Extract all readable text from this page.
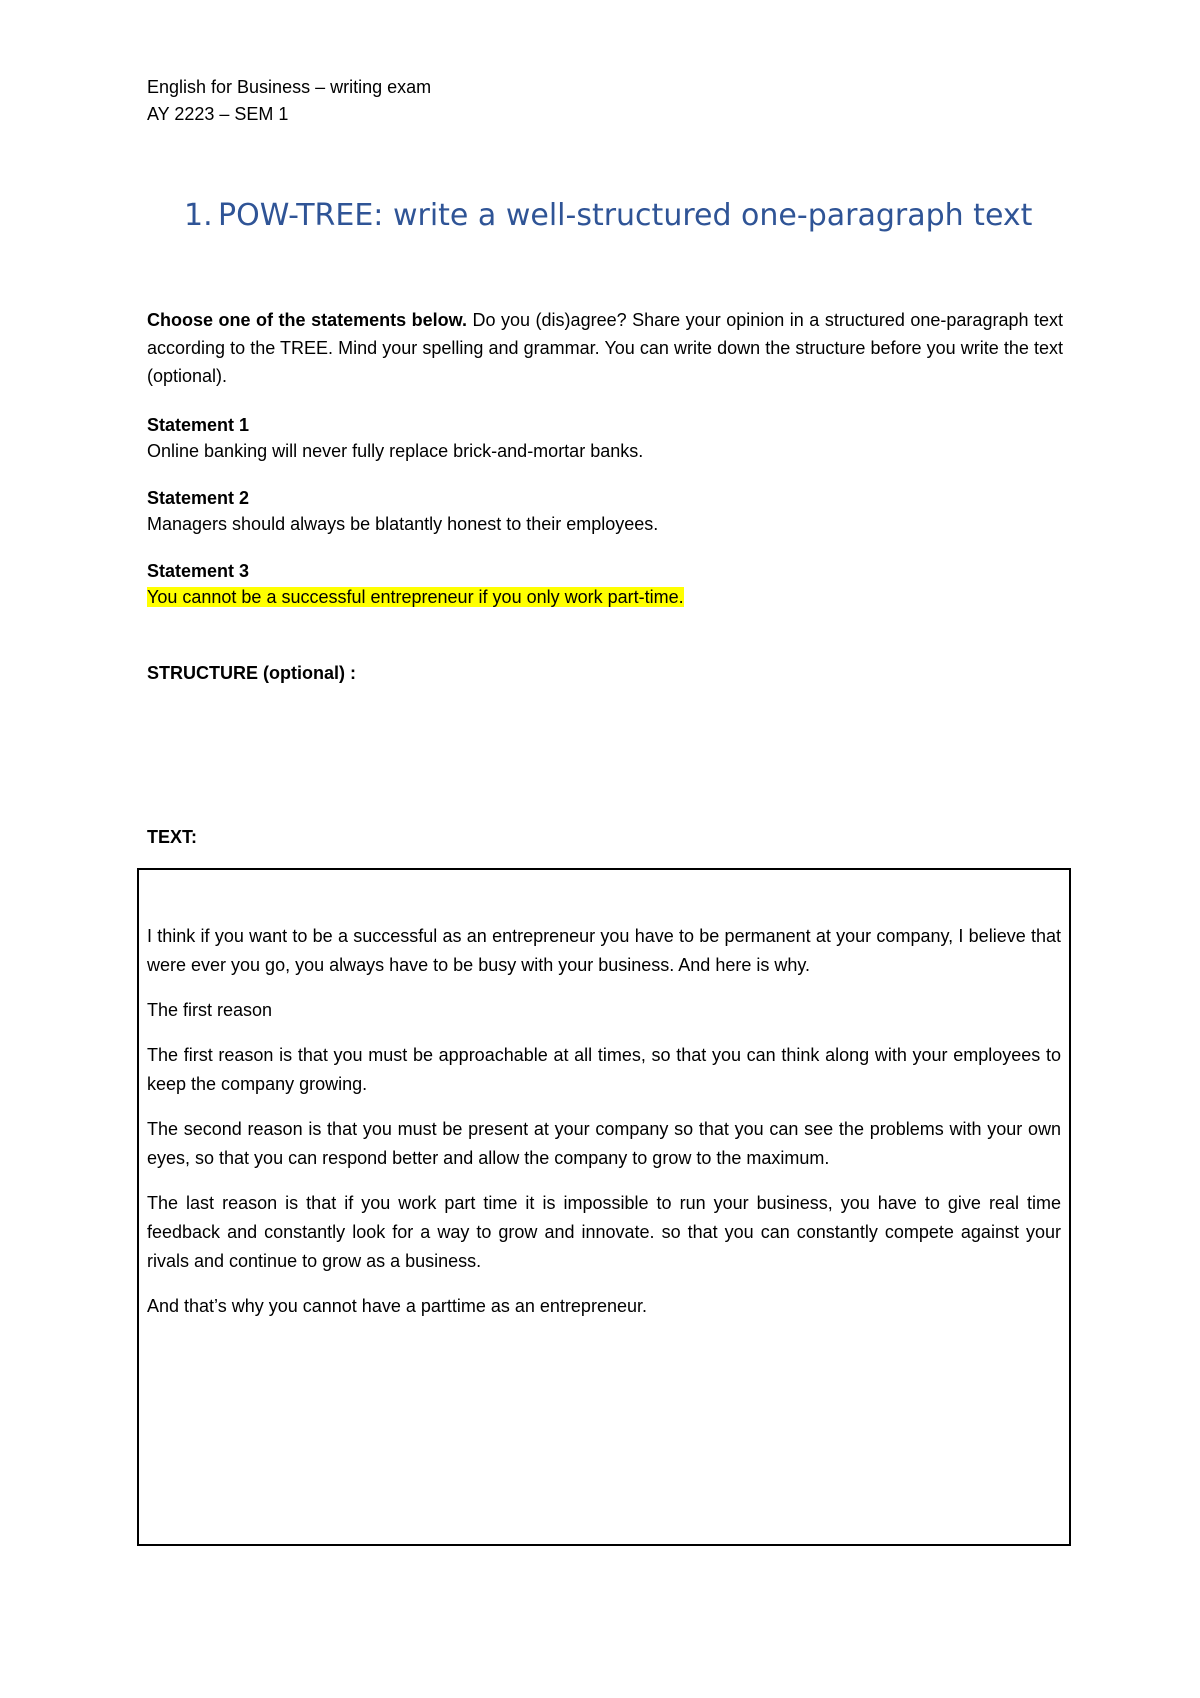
English for Business – writing exam
AY 2223 – SEM 1
1. POW-TREE: write a well-structured one-paragraph text
Choose one of the statements below. Do you (dis)agree? Share your opinion in a structured one-paragraph text according to the TREE. Mind your spelling and grammar. You can write down the structure before you write the text (optional).
Statement 1
Online banking will never fully replace brick-and-mortar banks.
Statement 2
Managers should always be blatantly honest to their employees.
Statement 3
You cannot be a successful entrepreneur if you only work part-time.
STRUCTURE (optional) :
TEXT:

I think if you want to be a successful as an entrepreneur you have to be permanent at your company, I believe that were ever you go, you always have to be busy with your business. And here is why.

The first reason

The first reason is that you must be approachable at all times, so that you can think along with your employees to keep the company growing.

The second reason is that you must be present at your company so that you can see the problems with your own eyes, so that you can respond better and allow the company to grow to the maximum.

The last reason is that if you work part time it is impossible to run your business, you have to give real time feedback and constantly look for a way to grow and innovate. so that you can constantly compete against your rivals and continue to grow as a business.

And that’s why you cannot have a parttime as an entrepreneur.
